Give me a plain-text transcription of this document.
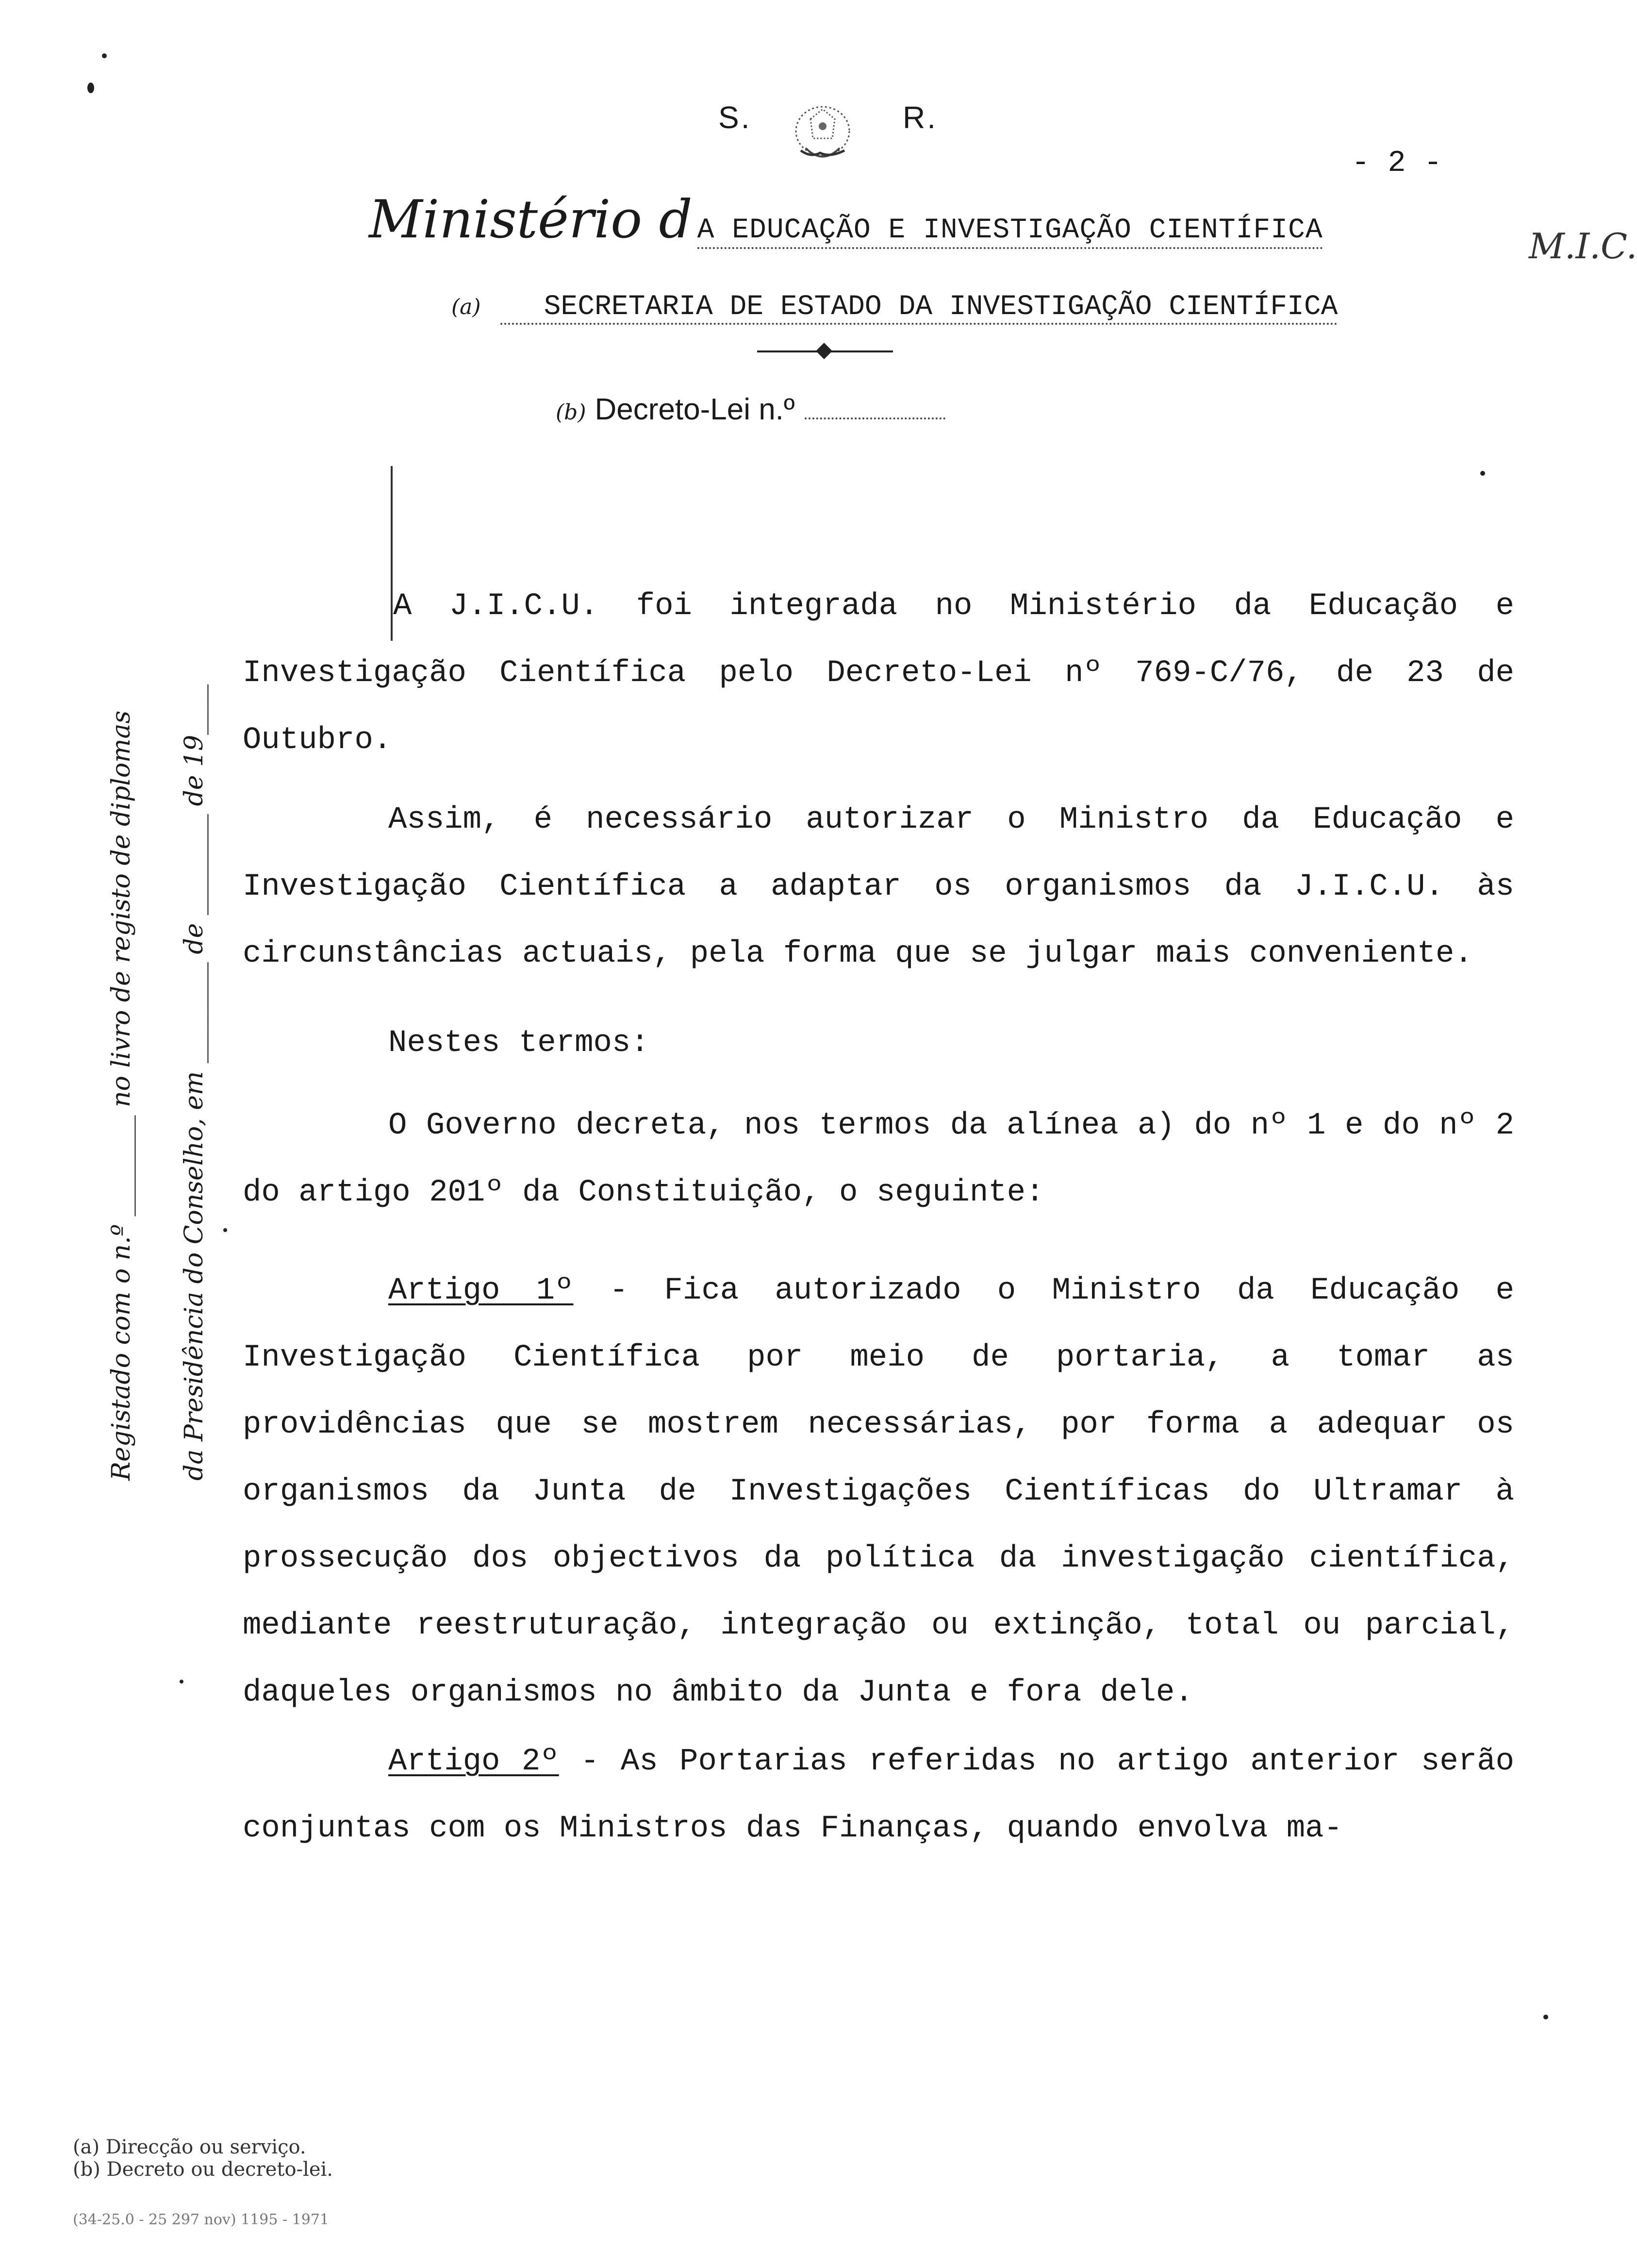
S.	R.
- 2 -
Ministério d A EDUCAÇÃO E INVESTIGAÇÃO CIENTÍFICA
(a) SECRETARIA DE ESTADO DA INVESTIGAÇÃO CIENTÍFICA
(b) Decreto-Lei n.º
M.I.C.
Registado com o n.º ________ no livro de registo de diplomas	da Presidência do Conselho, em ________ de ________ de 19____

A J.I.C.U. foi integrada no Ministério da Educação e Investigação Científica pelo Decreto-Lei nº 769-C/76, de 23 de Outubro.

Assim, é necessário autorizar o Ministro da Educação e Investigação Científica a adaptar os organismos da J.I.C.U. às circunstâncias actuais, pela forma que se julgar mais conveniente.

Nestes termos:

O Governo decreta, nos termos da alínea a) do nº 1 e do nº 2 do artigo 201º da Constituição, o seguinte:

Artigo 1º - Fica autorizado o Ministro da Educação e Investigação Científica por meio de portaria, a tomar as providências que se mostrem necessárias, por forma a adequar os organismos da Junta de Investigações Científicas do Ultramar à prossecução dos objectivos da política da investigação científica, mediante reestruturação, integração ou extinção, total ou parcial, daqueles organismos no âmbito da Junta e fora dele.

Artigo 2º - As Portarias referidas no artigo anterior serão conjuntas com os Ministros das Finanças, quando envolva ma-

(a) Direcção ou serviço.
(b) Decreto ou decreto-lei.
(34-25.0 - 25 297 nov) 1195 - 1971
